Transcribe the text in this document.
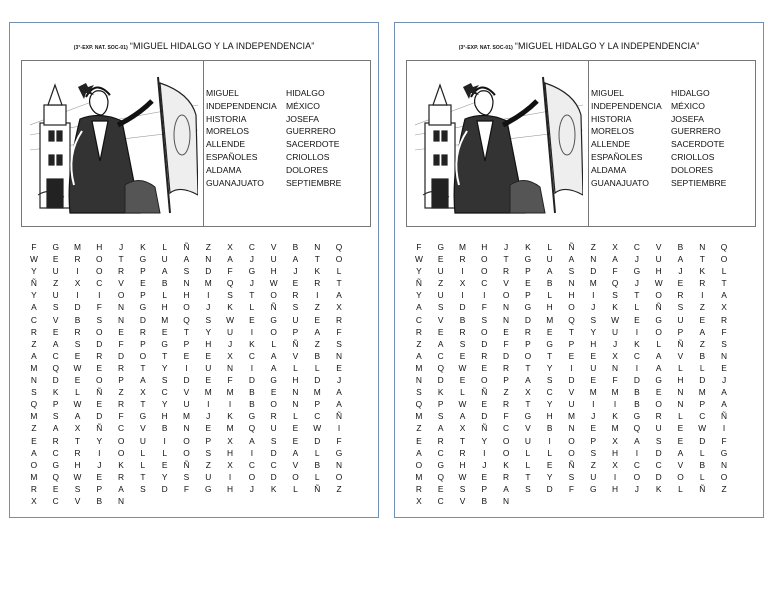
(3°-EXP. NAT. SOC-01) “MIGUEL HIDALGO Y LA INDEPENDENCIA”
MIGUEL	HIDALGO
INDEPENDENCIA	MÉXICO
HISTORIA	JOSEFA
MORELOS	GUERRERO
ALLENDE	SACERDOTE
ESPAÑOLES	CRIOLLOS
ALDAMA	DOLORES
GUANAJUATO	SEPTIEMBRE
F	G	M	H	J	K	L	Ñ	Z	X	C	V	B	N	Q
W	E	R	O	T	G	U	A	N	A	J	U	A	T	O
Y	U	I	O	R	P	A	S	D	F	G	H	J	K	L
Ñ	Z	X	C	V	E	B	N	M	Q	J	W	E	R	T
Y	U	I	I	O	P	L	H	I	S	T	O	R	I	A
A	S	D	F	N	G	H	O	J	K	L	Ñ	S	Z	X
C	V	B	S	N	D	M	Q	S	W	E	G	U	E	R
R	E	R	O	E	R	E	T	Y	U	I	O	P	A	F
Z	A	S	D	F	P	G	P	H	J	K	L	Ñ	Z	S
A	C	E	R	D	O	T	E	E	X	C	A	V	B	N
M	Q	W	E	R	T	Y	I	U	N	I	A	L	L	E
N	D	E	O	P	A	S	D	E	F	D	G	H	D	J
S	K	L	Ñ	Z	X	C	V	M	M	B	E	N	M	A
Q	P	W	E	R	T	Y	U	I	I	B	O	N	P	A
M	S	A	D	F	G	H	M	J	K	G	R	L	C	Ñ
Z	A	X	Ñ	C	V	B	N	E	M	Q	U	E	W	I
E	R	T	Y	O	U	I	O	P	X	A	S	E	D	F
A	C	R	I	O	L	L	O	S	H	I	D	A	L	G
O	G	H	J	K	L	E	Ñ	Z	X	C	C	V	B	N
M	Q	W	E	R	T	Y	S	U	I	O	D	O	L	O
R	E	S	P	A	S	D	F	G	H	J	K	L	Ñ	Z
X	C	V	B	N
(3°-EXP. NAT. SOC-01) “MIGUEL HIDALGO Y LA INDEPENDENCIA”
MIGUEL	HIDALGO
INDEPENDENCIA	MÉXICO
HISTORIA	JOSEFA
MORELOS	GUERRERO
ALLENDE	SACERDOTE
ESPAÑOLES	CRIOLLOS
ALDAMA	DOLORES
GUANAJUATO	SEPTIEMBRE
F	G	M	H	J	K	L	Ñ	Z	X	C	V	B	N	Q
W	E	R	O	T	G	U	A	N	A	J	U	A	T	O
Y	U	I	O	R	P	A	S	D	F	G	H	J	K	L
Ñ	Z	X	C	V	E	B	N	M	Q	J	W	E	R	T
Y	U	I	I	O	P	L	H	I	S	T	O	R	I	A
A	S	D	F	N	G	H	O	J	K	L	Ñ	S	Z	X
C	V	B	S	N	D	M	Q	S	W	E	G	U	E	R
R	E	R	O	E	R	E	T	Y	U	I	O	P	A	F
Z	A	S	D	F	P	G	P	H	J	K	L	Ñ	Z	S
A	C	E	R	D	O	T	E	E	X	C	A	V	B	N
M	Q	W	E	R	T	Y	I	U	N	I	A	L	L	E
N	D	E	O	P	A	S	D	E	F	D	G	H	D	J
S	K	L	Ñ	Z	X	C	V	M	M	B	E	N	M	A
Q	P	W	E	R	T	Y	U	I	I	B	O	N	P	A
M	S	A	D	F	G	H	M	J	K	G	R	L	C	Ñ
Z	A	X	Ñ	C	V	B	N	E	M	Q	U	E	W	I
E	R	T	Y	O	U	I	O	P	X	A	S	E	D	F
A	C	R	I	O	L	L	O	S	H	I	D	A	L	G
O	G	H	J	K	L	E	Ñ	Z	X	C	C	V	B	N
M	Q	W	E	R	T	Y	S	U	I	O	D	O	L	O
R	E	S	P	A	S	D	F	G	H	J	K	L	Ñ	Z
X	C	V	B	N
